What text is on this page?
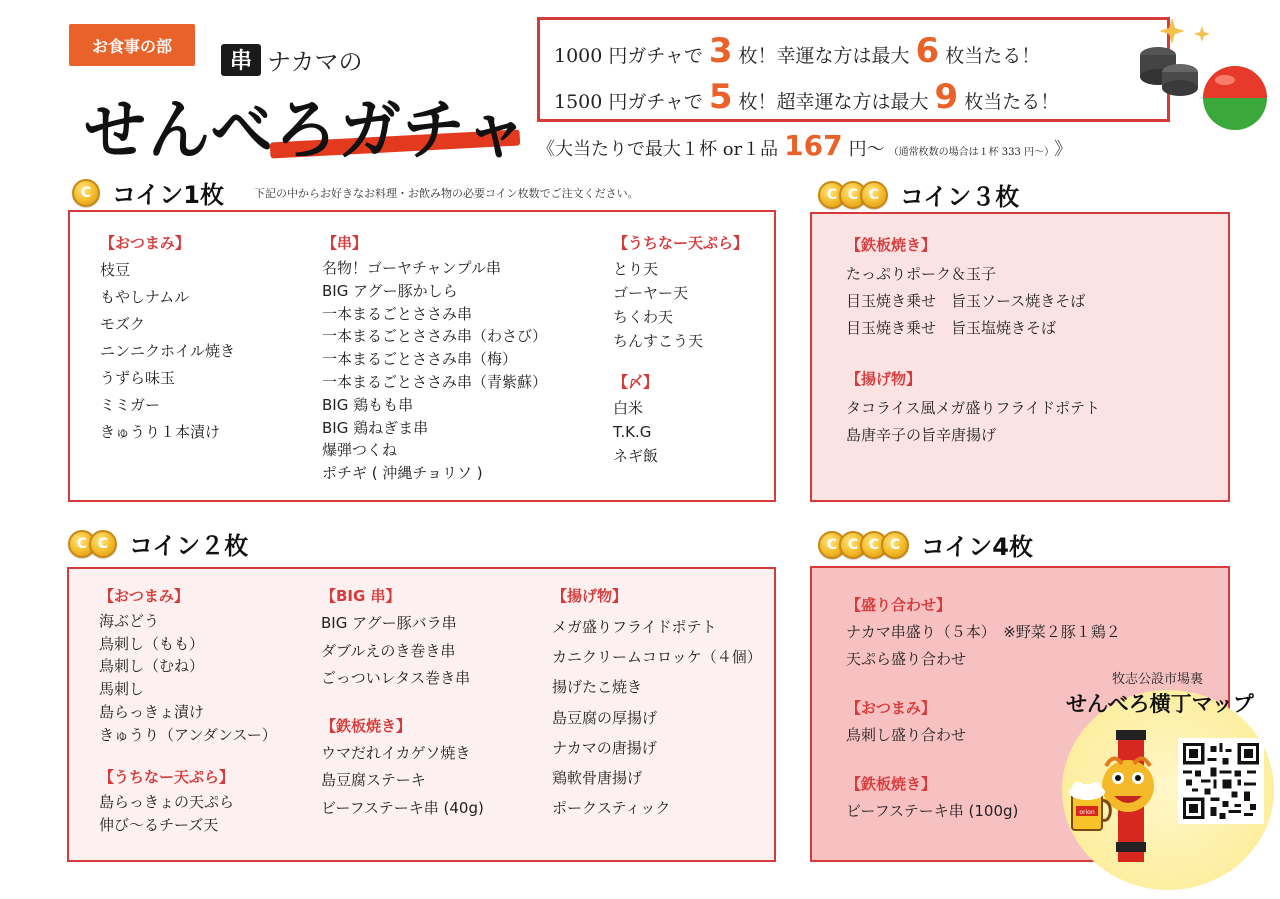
お食事の部
串 ナカマの
せんべろガチャ
1000 円ガチャで 3 枚！幸運な方は最大 6 枚当たる！
1500 円ガチャで 5 枚！超幸運な方は最大 9 枚当たる！
《大当たりで最大１杯 or１品 167 円〜 （通常枚数の場合は１杯 333 円〜） 》
C コイン1枚	下記の中からお好きなお料理・お飲み物の必要コイン枚数でご注文ください。
【おつまみ】
枝豆
もやしナムル
モズク
ニンニクホイル焼き
うずら味玉
ミミガー
きゅうり１本漬け
【串】
名物！ゴーヤチャンプル串
BIG アグー豚かしら
一本まるごとささみ串
一本まるごとささみ串（わさび）
一本まるごとささみ串（梅）
一本まるごとささみ串（青紫蘇）
BIG 鶏もも串
BIG 鶏ねぎま串
爆弾つくね
ポチギ ( 沖縄チョリソ )
【うちなー天ぷら】
とり天
ゴーヤー天
ちくわ天
ちんすこう天
【〆】
白米
T.K.G
ネギ飯
C C C コイン３枚
【鉄板焼き】
たっぷりポーク＆玉子
目玉焼き乗せ　旨玉ソース焼きそば
目玉焼き乗せ　旨玉塩焼きそば
【揚げ物】
タコライス風メガ盛りフライドポテト
島唐辛子の旨辛唐揚げ
C C コイン２枚
【おつまみ】
海ぶどう
鳥刺し（もも）
鳥刺し（むね）
馬刺し
島らっきょ漬け
きゅうり（アンダンスー）
【うちなー天ぷら】
島らっきょの天ぷら
伸び〜るチーズ天
【BIG 串】
BIG アグー豚バラ串
ダブルえのき巻き串
ごっついレタス巻き串
【鉄板焼き】
ウマだれイカゲソ焼き
島豆腐ステーキ
ビーフステーキ串 (40g)
【揚げ物】
メガ盛りフライドポテト
カニクリームコロッケ（４個）
揚げたこ焼き
島豆腐の厚揚げ
ナカマの唐揚げ
鶏軟骨唐揚げ
ポークスティック
C C C C コイン4枚
【盛り合わせ】
ナカマ串盛り（５本）　※野菜２豚１鶏２
天ぷら盛り合わせ
【おつまみ】
鳥刺し盛り合わせ
【鉄板焼き】
ビーフステーキ串 (100g)
牧志公設市場裏
せんべろ横丁マップ
orion
